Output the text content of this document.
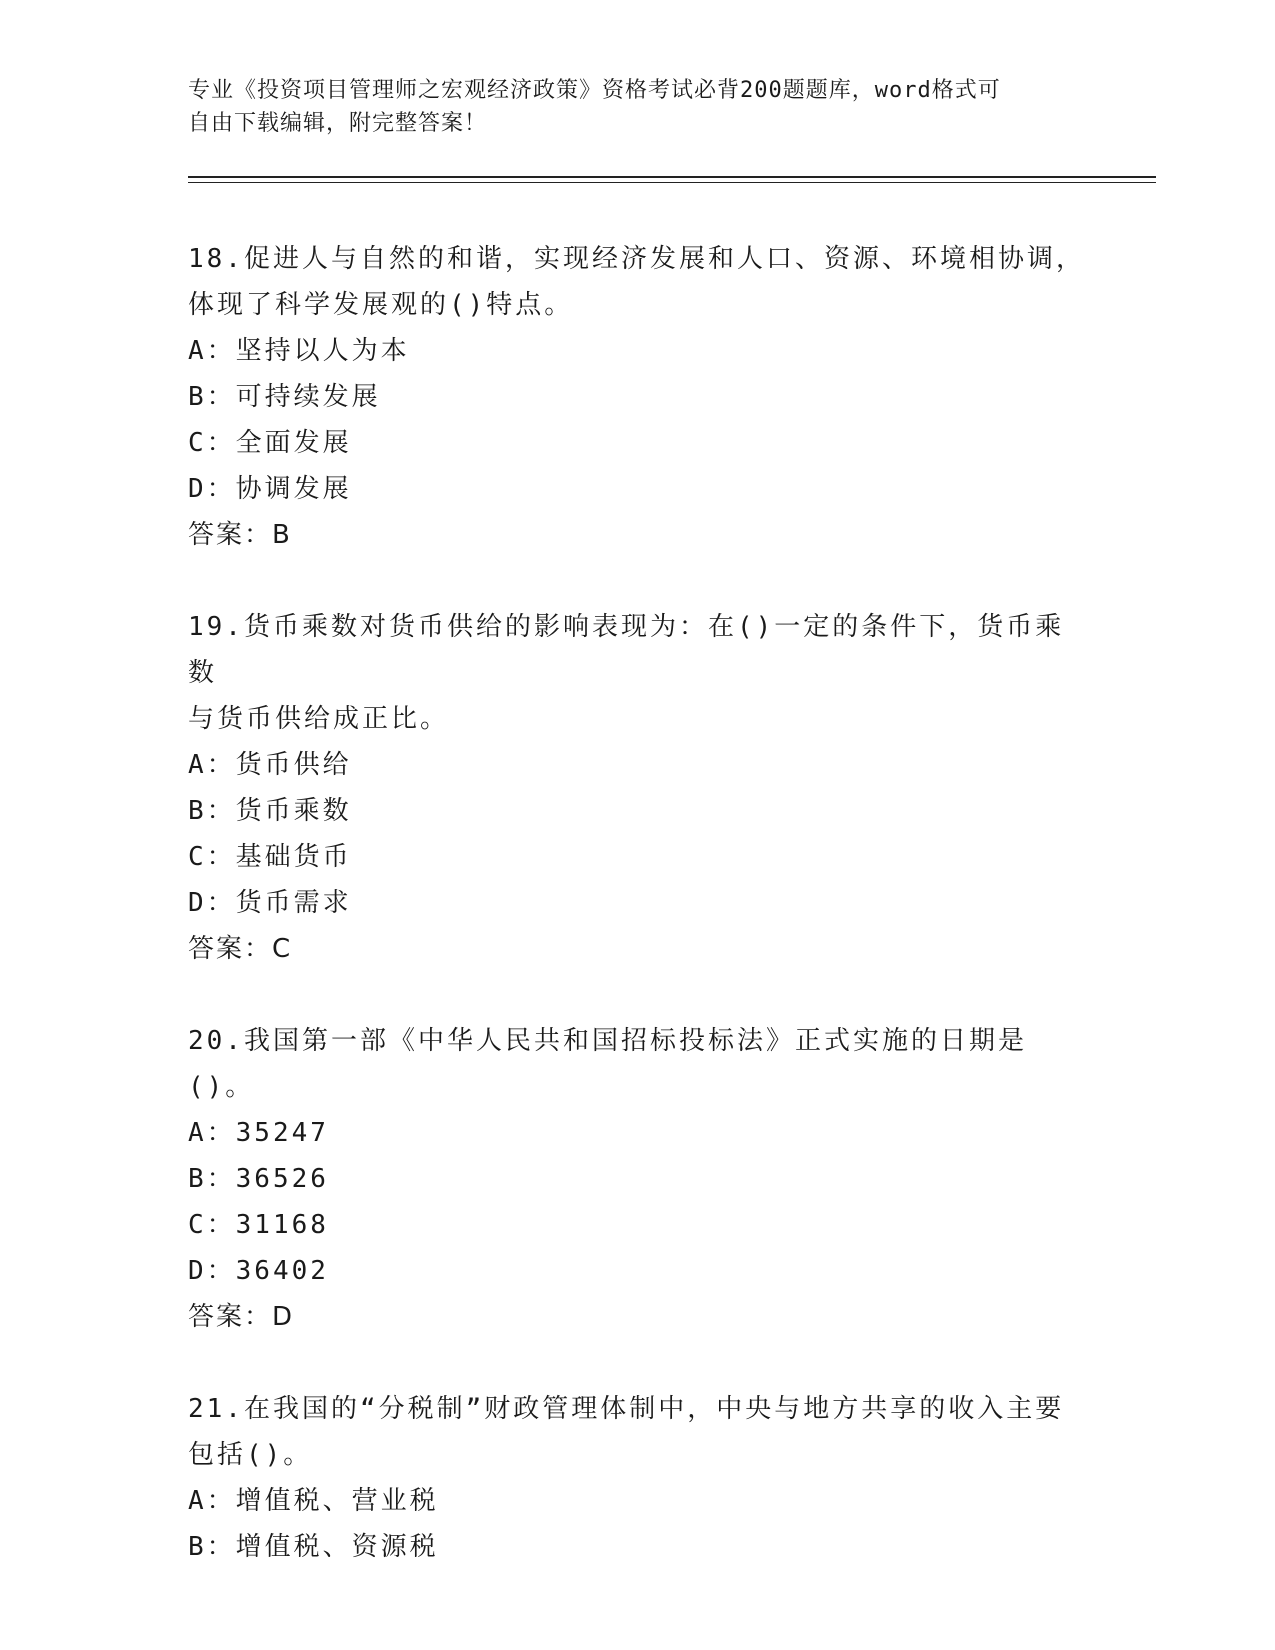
专业《投资项目管理师之宏观经济政策》资格考试必背200题题库，word格式可
自由下载编辑，附完整答案！

18.促进人与自然的和谐，实现经济发展和人口、资源、环境相协调，

体现了科学发展观的()特点。

A：坚持以人为本

B：可持续发展

C：全面发展

D：协调发展

答案：B

19.货币乘数对货币供给的影响表现为：在()一定的条件下，货币乘数

与货币供给成正比。

A：货币供给

B：货币乘数

C：基础货币

D：货币需求

答案：C

20.我国第一部《中华人民共和国招标投标法》正式实施的日期是()。

A：35247

B：36526

C：31168

D：36402

答案：D

21.在我国的“分税制”财政管理体制中，中央与地方共享的收入主要

包括()。

A：增值税、营业税

B：增值税、资源税
